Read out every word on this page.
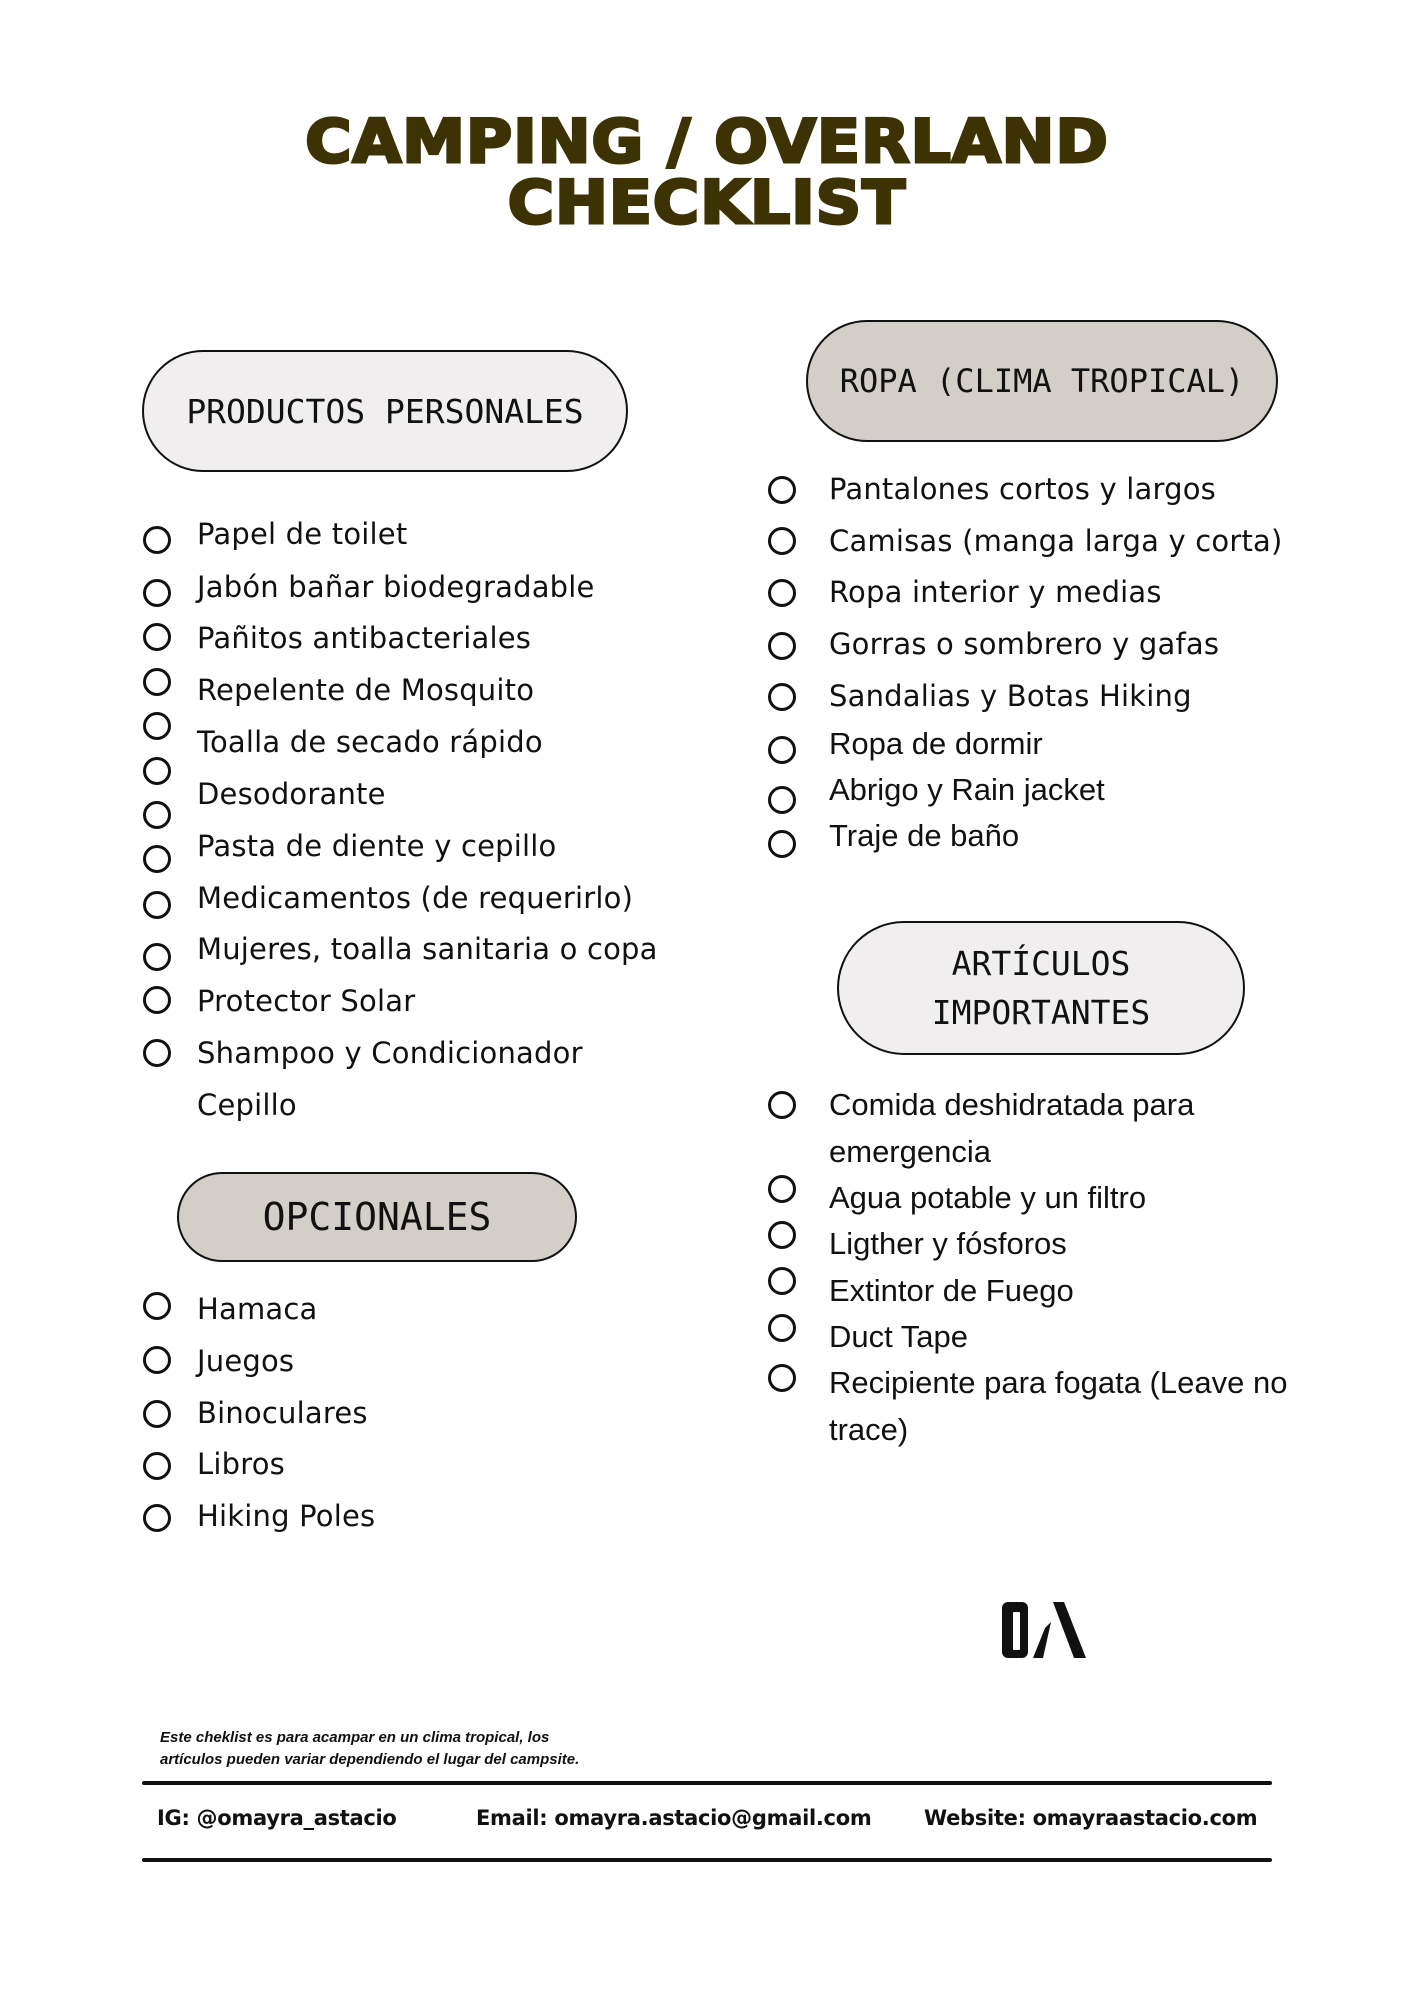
CAMPING / OVERLAND
CHECKLIST
PRODUCTOS PERSONALES
Papel de toilet
Jabón bañar biodegradable
Pañitos antibacteriales
Repelente de Mosquito
Toalla de secado rápido
Desodorante
Pasta de diente y cepillo
Medicamentos (de requerirlo)
Mujeres, toalla sanitaria o copa
Protector Solar
Shampoo y Condicionador
Cepillo
OPCIONALES
Hamaca
Juegos
Binoculares
Libros
Hiking Poles
ROPA (CLIMA TROPICAL)
Pantalones cortos y largos
Camisas (manga larga y corta)
Ropa interior y medias
Gorras o sombrero y gafas
Sandalias y Botas Hiking
Ropa de dormir
Abrigo y Rain jacket
Traje de baño
ARTÍCULOS
IMPORTANTES
Comida deshidratada para
emergencia
Agua potable y un filtro
Ligther y fósforos
Extintor de Fuego
Duct Tape
Recipiente para fogata (Leave no
trace)
Este cheklist es para acampar en un clima tropical, los
artículos pueden variar dependiendo el lugar del campsite.
IG: @omayra_astacio	Email: omayra.astacio@gmail.com	Website: omayraastacio.com
